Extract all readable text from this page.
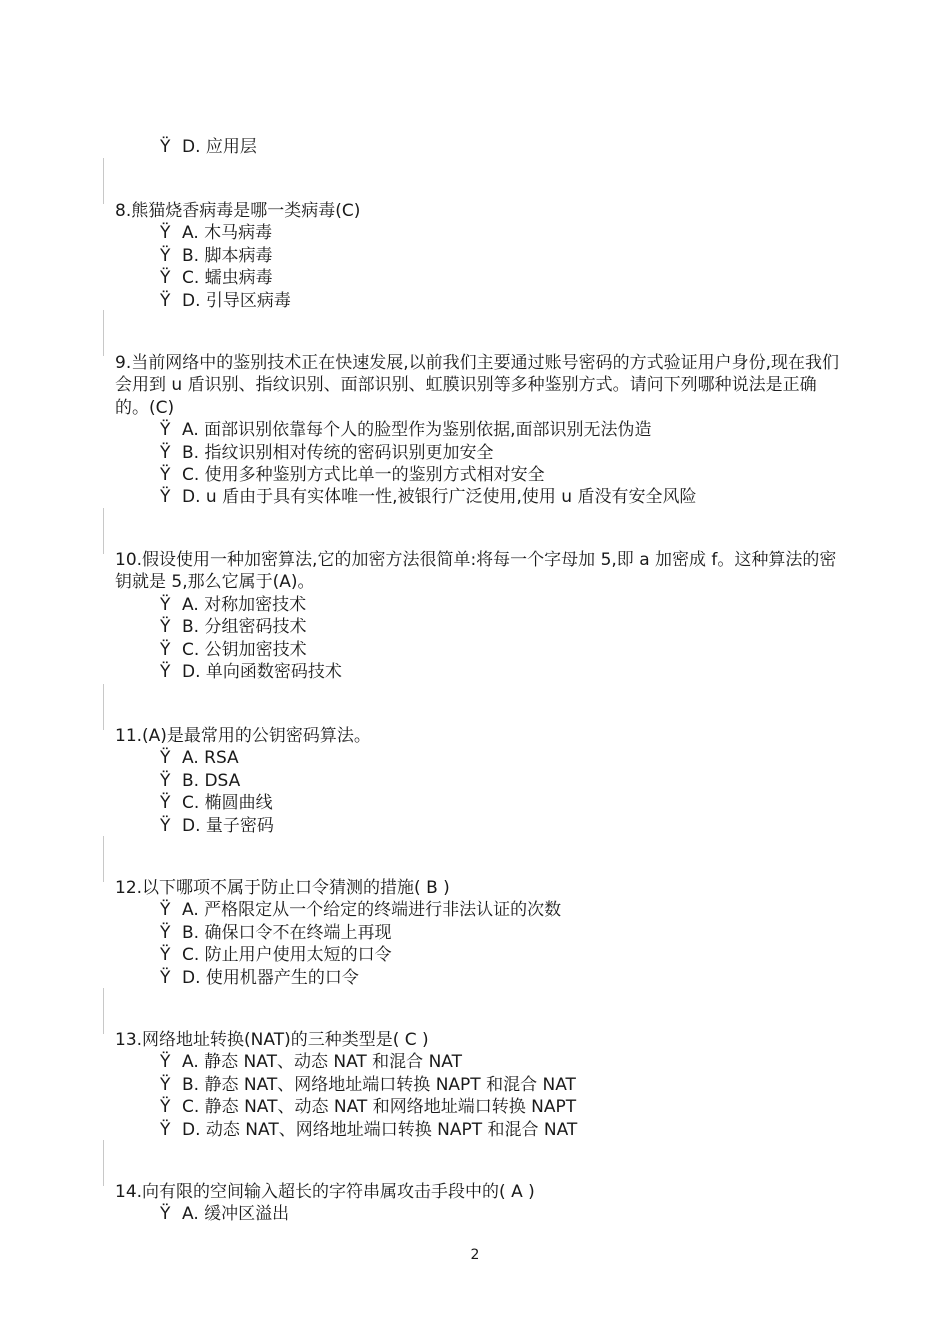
Ÿ D. 应用层
8.熊猫烧香病毒是哪一类病毒(C)
Ÿ A. 木马病毒
Ÿ B. 脚本病毒
Ÿ C. 蠕虫病毒
Ÿ D. 引导区病毒
9.当前网络中的鉴别技术正在快速发展,以前我们主要通过账号密码的方式验证用户身份,现在我们会用到 u 盾识别、指纹识别、面部识别、虹膜识别等多种鉴别方式。请问下列哪种说法是正确的。(C)
Ÿ A. 面部识别依靠每个人的脸型作为鉴别依据,面部识别无法伪造
Ÿ B. 指纹识别相对传统的密码识别更加安全
Ÿ C. 使用多种鉴别方式比单一的鉴别方式相对安全
Ÿ D. u 盾由于具有实体唯一性,被银行广泛使用,使用 u 盾没有安全风险
10.假设使用一种加密算法,它的加密方法很简单:将每一个字母加 5,即 a 加密成 f。这种算法的密钥就是 5,那么它属于(A)。
Ÿ A. 对称加密技术
Ÿ B. 分组密码技术
Ÿ C. 公钥加密技术
Ÿ D. 单向函数密码技术
11.(A)是最常用的公钥密码算法。
Ÿ A. RSA
Ÿ B. DSA
Ÿ C. 椭圆曲线
Ÿ D. 量子密码
12.以下哪项不属于防止口令猜测的措施( B )
Ÿ A. 严格限定从一个给定的终端进行非法认证的次数
Ÿ B. 确保口令不在终端上再现
Ÿ C. 防止用户使用太短的口令
Ÿ D. 使用机器产生的口令
13.网络地址转换(NAT)的三种类型是( C )
Ÿ A. 静态 NAT、动态 NAT 和混合 NAT
Ÿ B. 静态 NAT、网络地址端口转换 NAPT 和混合 NAT
Ÿ C. 静态 NAT、动态 NAT 和网络地址端口转换 NAPT
Ÿ D. 动态 NAT、网络地址端口转换 NAPT 和混合 NAT
14.向有限的空间输入超长的字符串属攻击手段中的( A )
Ÿ A. 缓冲区溢出
2
